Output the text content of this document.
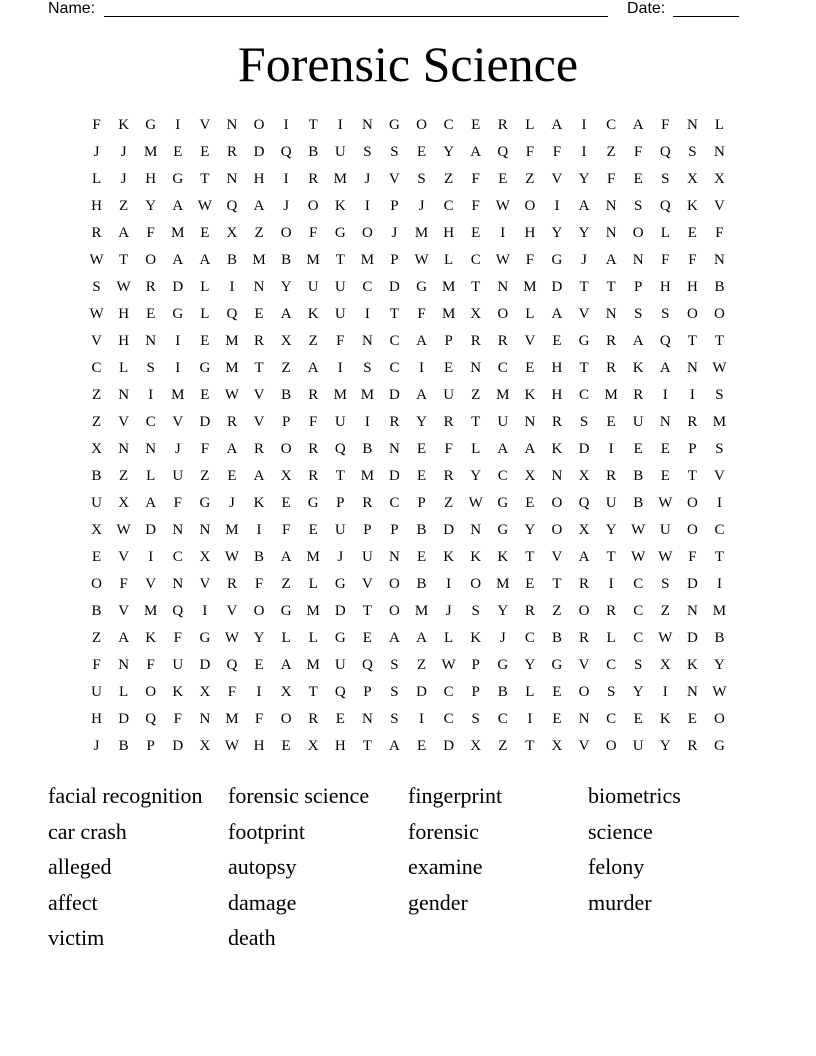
Name:	Date:
Forensic Science
F	K	G	I	V	N	O	I	T	I	N	G	O	C	E	R	L	A	I	C	A	F	N	L
J	J	M	E	E	R	D	Q	B	U	S	S	E	Y	A	Q	F	F	I	Z	F	Q	S	N
L	J	H	G	T	N	H	I	R	M	J	V	S	Z	F	E	Z	V	Y	F	E	S	X	X
H	Z	Y	A W Q	A	J	O	K	I	P	J	C	F	W O	I	A	N	S	Q	K	V
R	A	F	M	E	X	Z	O	F	G	O	J	M H	E	I	H	Y	Y	N	O	L	E	F
W	T	O	A	A	B	M	B	M	T	M	P	W	L	C	W	F	G	J	A	N	F	F	N
S	W R	D	L	I	N	Y	U	U	C	D	G M	T	N M	D	T	T	P	H	H	B
W H	E	G	L	Q	E	A	K	U	I	T	F	M	X	O	L	A	V	N	S	S	O	O
V	H	N	I	E	M	R	X	Z	F	N	C	A	P	R	R	V	E	G	R	A	Q	T	T
C	L	S	I	G	M	T	Z	A	I	S	C	I	E	N	C	E	H	T	R	K	A	N W
Z	N	I	M	E	W V	B	R	M M	D	A	U	Z	M K	H	C	M	R	I	I	S
Z	V	C	V	D	R	V	P	F	U	I	R	Y	R	T	U	N	R	S	E	U	N	R	M
X	N	N	J	F	A	R	O	R	Q	B	N	E	F	L	A	A	K	D	I	E	E	P	S
B	Z	L	U	Z	E	A	X	R	T	M	D	E	R	Y	C	X	N	X	R	B	E	T	V
U	X	A	F	G	J	K	E	G	P	R	C	P	Z	W G	E	O	Q	U	B	W O	I
X W D	N	N	M	I	F	E	U	P	P	B	D	N	G	Y	O	X	Y W U	O	C
E	V	I	C	X W	B	A	M	J	U	N	E	K	K	K	T	V	A	T	W W	F	T
O	F	V	N	V	R	F	Z	L	G	V	O	B	I	O M	E	T	R	I	C	S	D	I
B	V	M Q	I	V	O	G	M D	T	O M	J	S	Y	R	Z	O	R	C	Z	N	M
Z	A	K	F	G W Y	L	L	G	E	A	A	L	K	J	C	B	R	L	C	W D	B
F	N	F	U	D	Q	E	A	M U	Q	S	Z	W	P	G	Y	G	V	C	S	X	K	Y
U	L	O	K	X	F	I	X	T	Q	P	S	D	C	P	B	L	E	O	S	Y	I	N W
H	D	Q	F	N	M	F	O	R	E	N	S	I	C	S	C	I	E	N	C	E	K	E	O
J	B	P	D	X W H	E	X	H	T	A	E	D	X	Z	T	X	V	O	U	Y	R	G
facial recognition	forensic science	fingerprint	biometrics
car crash	footprint	forensic	science
alleged	autopsy	examine	felony
affect	damage	gender	murder
victim	death
